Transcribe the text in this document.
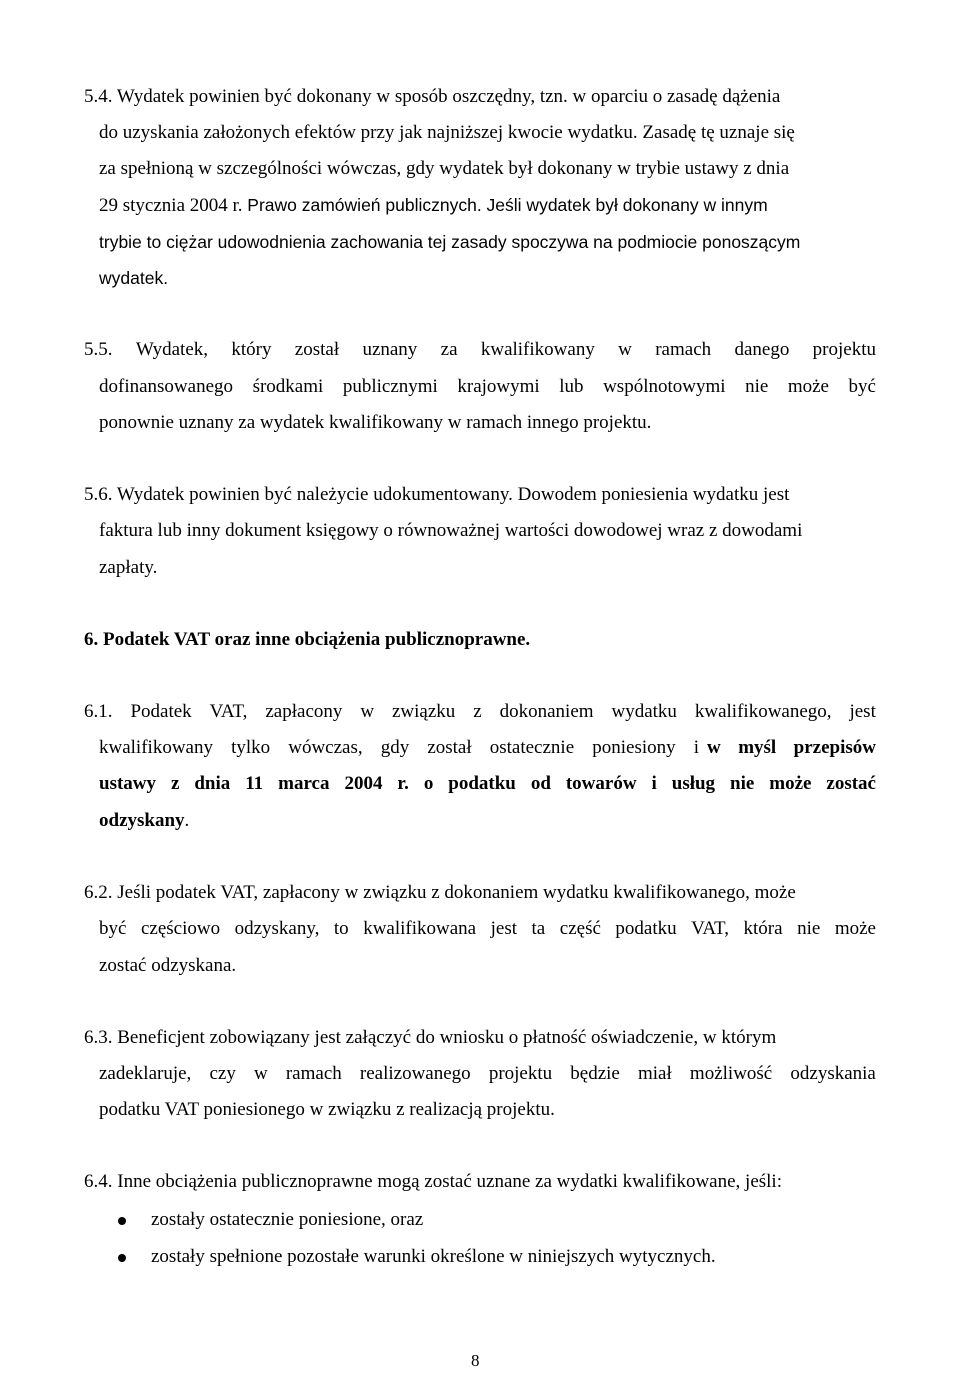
5.4. Wydatek powinien być dokonany w sposób oszczędny, tzn. w oparciu o zasadę dążenia
do uzyskania założonych efektów przy jak najniższej kwocie wydatku. Zasadę tę uznaje się
za spełnioną w szczególności wówczas, gdy wydatek był dokonany w trybie ustawy z dnia
29 stycznia 2004 r. Prawo zamówień publicznych. Jeśli wydatek był dokonany w innym
trybie to ciężar udowodnienia zachowania tej zasady spoczywa na podmiocie ponoszącym
wydatek.
5.5. Wydatek, który został uznany za kwalifikowany w ramach danego projektu
dofinansowanego środkami publicznymi krajowymi lub wspólnotowymi nie może być
ponownie uznany za wydatek kwalifikowany w ramach innego projektu.
5.6. Wydatek powinien być należycie udokumentowany. Dowodem poniesienia wydatku jest
faktura lub inny dokument księgowy o równoważnej wartości dowodowej wraz z dowodami
zapłaty.
6. Podatek VAT oraz inne obciążenia publicznoprawne.
6.1. Podatek VAT, zapłacony w związku z dokonaniem wydatku kwalifikowanego, jest
kwalifikowany tylko wówczas, gdy został ostatecznie poniesiony i w myśl przepisów
ustawy z dnia 11 marca 2004 r. o podatku od towarów i usług nie może zostać
odzyskany.
6.2. Jeśli podatek VAT, zapłacony w związku z dokonaniem wydatku kwalifikowanego, może
być częściowo odzyskany, to kwalifikowana jest ta część podatku VAT, która nie może
zostać odzyskana.
6.3. Beneficjent zobowiązany jest załączyć do wniosku o płatność oświadczenie, w którym
zadeklaruje, czy w ramach realizowanego projektu będzie miał możliwość odzyskania
podatku VAT poniesionego w związku z realizacją projektu.
6.4. Inne obciążenia publicznoprawne mogą zostać uznane za wydatki kwalifikowane, jeśli:
zostały ostatecznie poniesione, oraz
zostały spełnione pozostałe warunki określone w niniejszych wytycznych.
8
